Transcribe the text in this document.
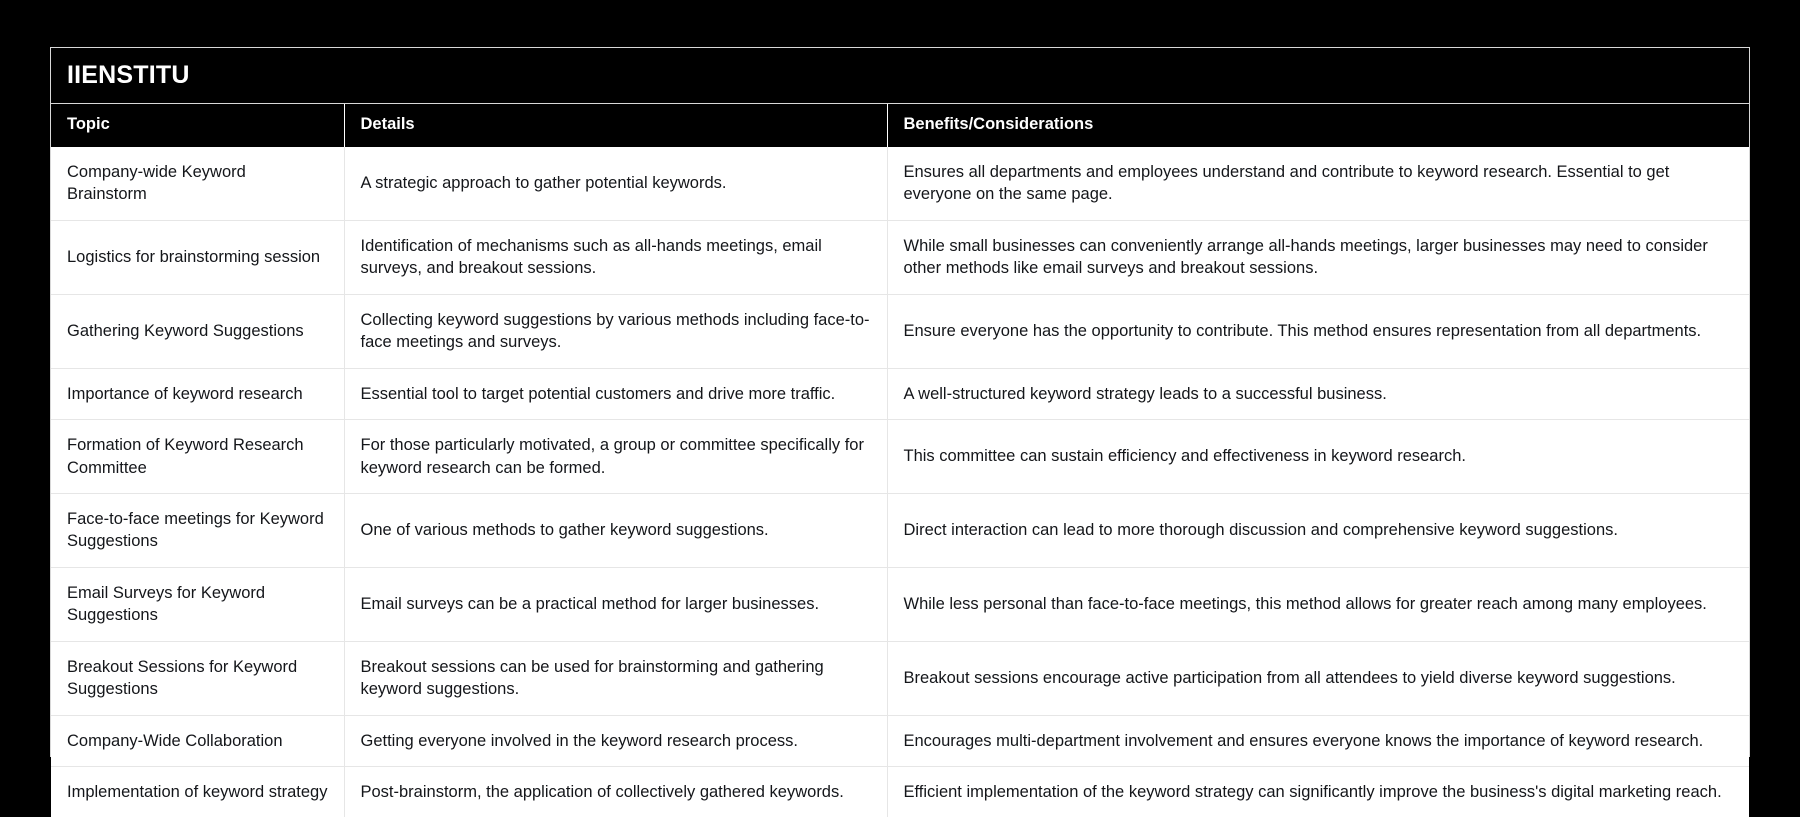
IIENSTITU
Topic	Details	Benefits/Considerations
Company-wide Keyword Brainstorm	A strategic approach to gather potential keywords.	Ensures all departments and employees understand and contribute to keyword research. Essential to get everyone on the same page.
Logistics for brainstorming session	Identification of mechanisms such as all-hands meetings, email surveys, and breakout sessions.	While small businesses can conveniently arrange all-hands meetings, larger businesses may need to consider other methods like email surveys and breakout sessions.
Gathering Keyword Suggestions	Collecting keyword suggestions by various methods including face-to-face meetings and surveys.	Ensure everyone has the opportunity to contribute. This method ensures representation from all departments.
Importance of keyword research	Essential tool to target potential customers and drive more traffic.	A well-structured keyword strategy leads to a successful business.
Formation of Keyword Research Committee	For those particularly motivated, a group or committee specifically for keyword research can be formed.	This committee can sustain efficiency and effectiveness in keyword research.
Face-to-face meetings for Keyword Suggestions	One of various methods to gather keyword suggestions.	Direct interaction can lead to more thorough discussion and comprehensive keyword suggestions.
Email Surveys for Keyword Suggestions	Email surveys can be a practical method for larger businesses.	While less personal than face-to-face meetings, this method allows for greater reach among many employees.
Breakout Sessions for Keyword Suggestions	Breakout sessions can be used for brainstorming and gathering keyword suggestions.	Breakout sessions encourage active participation from all attendees to yield diverse keyword suggestions.
Company-Wide Collaboration	Getting everyone involved in the keyword research process.	Encourages multi-department involvement and ensures everyone knows the importance of keyword research.
Implementation of keyword strategy	Post-brainstorm, the application of collectively gathered keywords.	Efficient implementation of the keyword strategy can significantly improve the business's digital marketing reach.
